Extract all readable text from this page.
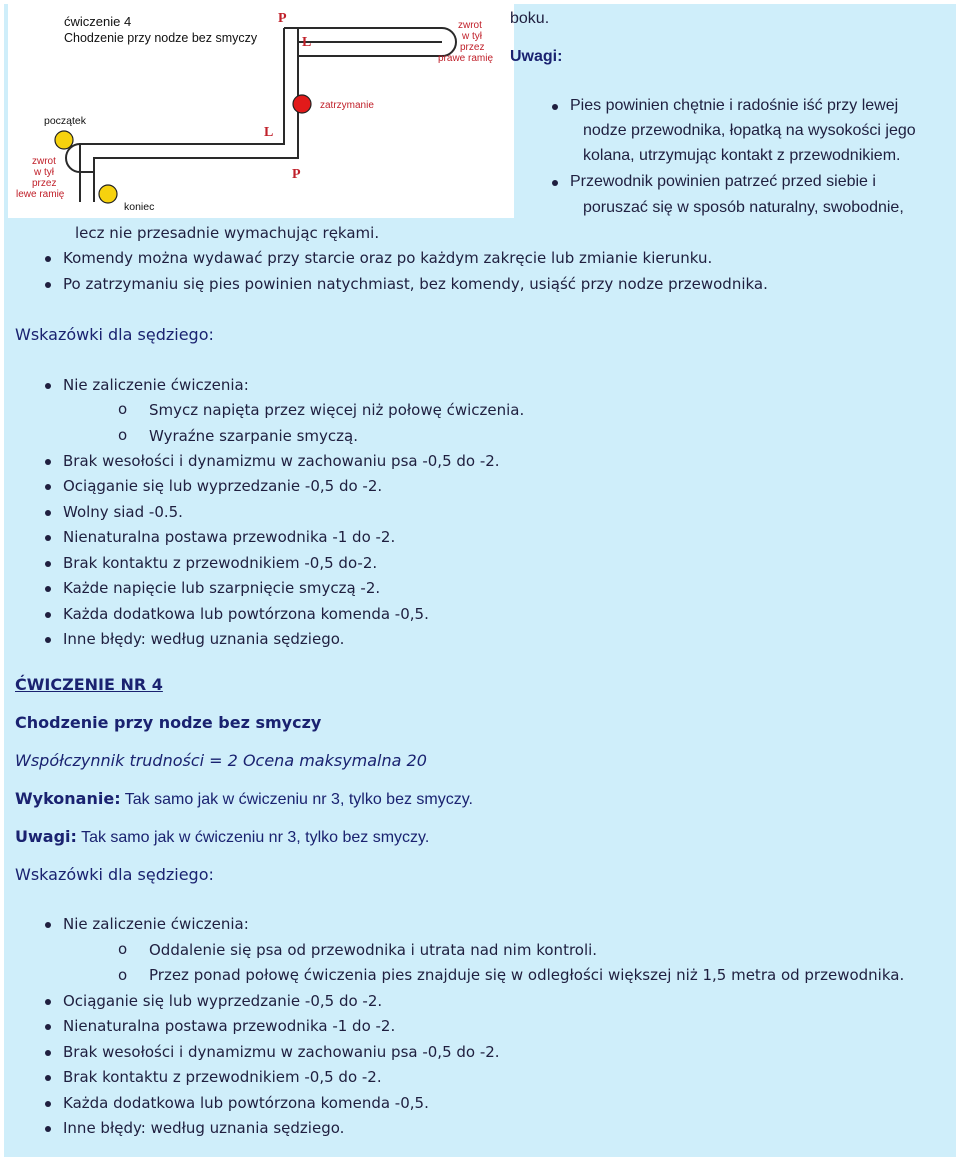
ćwiczenie 4
Chodzenie przy nodze bez smyczy
P
L
zwrot
w tył
przez
prawe ramię
zatrzymanie
początek
L
zwrot
w tył
przez
lewe ramię
P
koniec
boku.
Uwagi:
Pies powinien chętnie i radośnie iść przy lewej
nodze przewodnika, łopatką na wysokości jego
kolana, utrzymując kontakt z przewodnikiem.
Przewodnik powinien patrzeć przed siebie i
poruszać się w sposób naturalny, swobodnie,
lecz nie przesadnie wymachując rękami.
Komendy można wydawać przy starcie oraz po każdym zakręcie lub zmianie kierunku.
Po zatrzymaniu się pies powinien natychmiast, bez komendy, usiąść przy nodze przewodnika.
Wskazówki dla sędziego:
Nie zaliczenie ćwiczenia:
o Smycz napięta przez więcej niż połowę ćwiczenia.
o Wyraźne szarpanie smyczą.
Brak wesołości i dynamizmu w zachowaniu psa -0,5 do -2.
Ociąganie się lub wyprzedzanie -0,5 do -2.
Wolny siad -0.5.
Nienaturalna postawa przewodnika -1 do -2.
Brak kontaktu z przewodnikiem -0,5 do-2.
Każde napięcie lub szarpnięcie smyczą -2.
Każda dodatkowa lub powtórzona komenda -0,5.
Inne błędy: według uznania sędziego.
ĆWICZENIE NR 4
Chodzenie przy nodze bez smyczy
Współczynnik trudności = 2 Ocena maksymalna 20
Wykonanie: Tak samo jak w ćwiczeniu nr 3, tylko bez smyczy.
Uwagi: Tak samo jak w ćwiczeniu nr 3, tylko bez smyczy.
Wskazówki dla sędziego:
Nie zaliczenie ćwiczenia:
o Oddalenie się psa od przewodnika i utrata nad nim kontroli.
o Przez ponad połowę ćwiczenia pies znajduje się w odległości większej niż 1,5 metra od przewodnika.
Ociąganie się lub wyprzedzanie -0,5 do -2.
Nienaturalna postawa przewodnika -1 do -2.
Brak wesołości i dynamizmu w zachowaniu psa -0,5 do -2.
Brak kontaktu z przewodnikiem -0,5 do -2.
Każda dodatkowa lub powtórzona komenda -0,5.
Inne błędy: według uznania sędziego.
